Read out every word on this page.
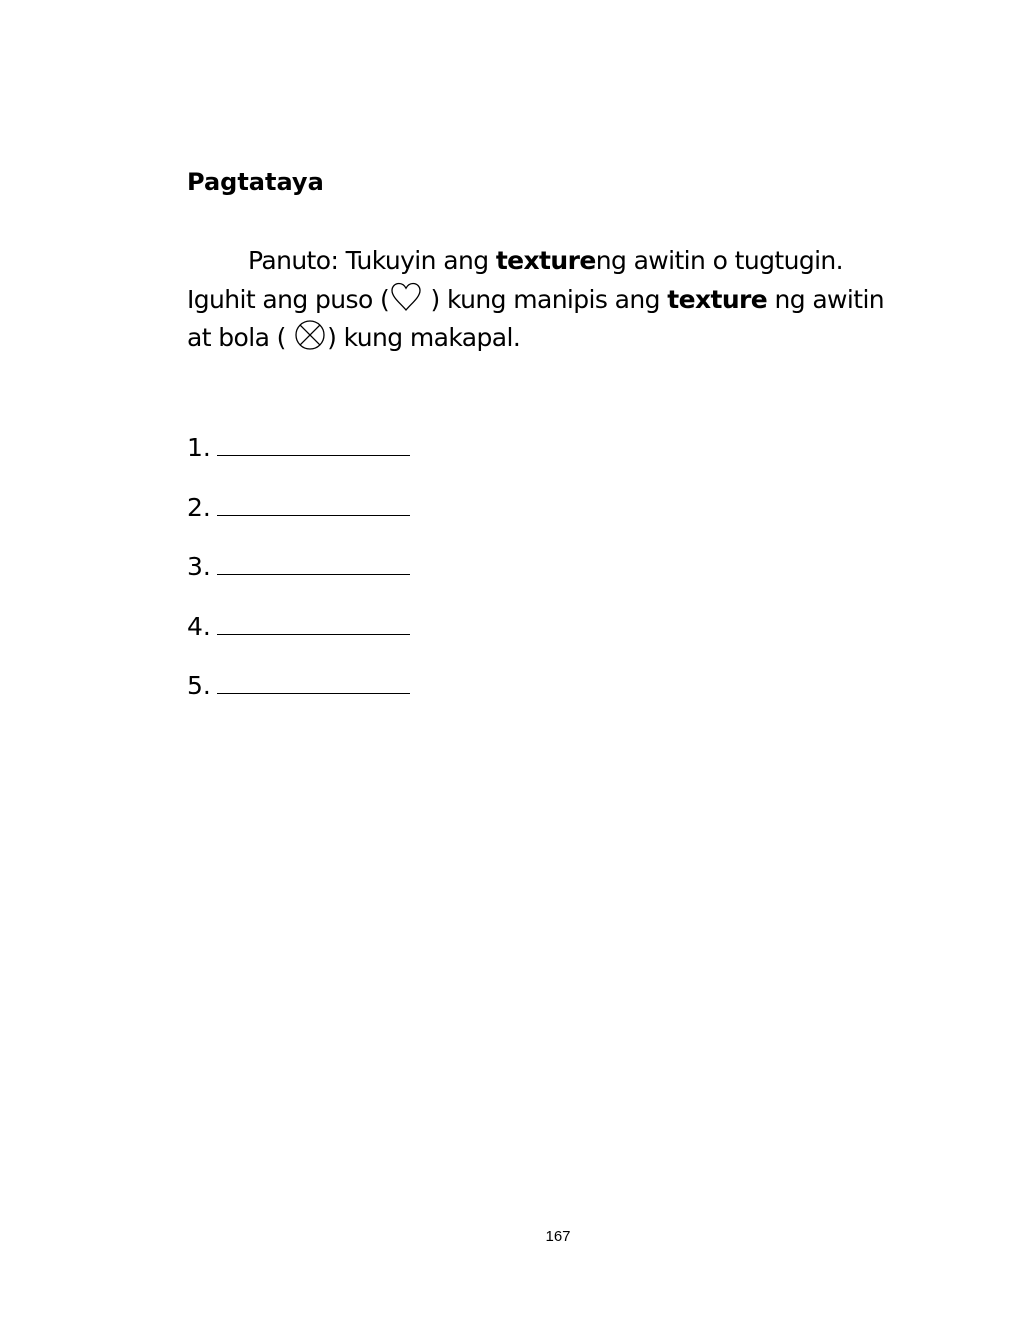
Pagtataya

Panuto: Tukuyin ang textureng awitin o tugtugin. Iguhit ang puso (
) kung manipis ang texture ng awitin at bola (
) kung makapal.

1.
2.
3.
4.
5.
167
